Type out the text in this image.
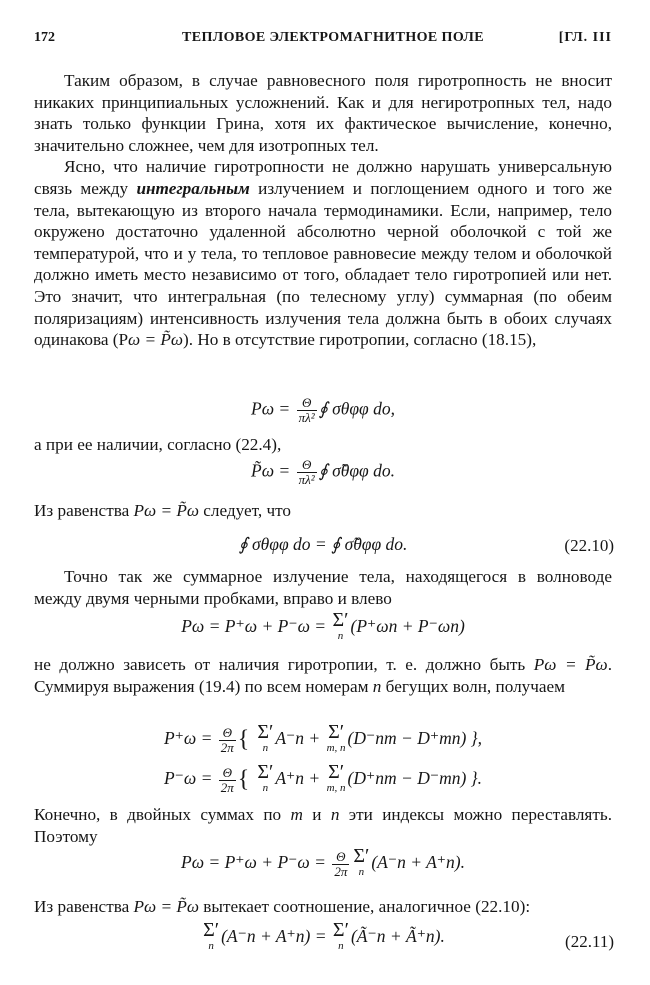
172	ТЕПЛОВОЕ ЭЛЕКТРОМАГНИТНОЕ ПОЛЕ	[ГЛ. III

Таким образом, в случае равновесного поля гиротропность не вносит никаких принципиальных усложнений. Как и для негиротропных тел, надо знать только функции Грина, хотя их фактическое вычисление, конечно, значительно сложнее, чем для изотропных тел.

Ясно, что наличие гиротропности не должно нарушать универсальную связь между интегральным излучением и поглощением одного и того же тела, вытекающую из второго начала термодинамики. Если, например, тело окружено достаточно удаленной абсолютно черной оболочкой с той же температурой, что и у тела, то тепловое равновесие между телом и оболочкой должно иметь место независимо от того, обладает тело гиротропией или нет. Это значит, что интегральная (по телесному углу) суммарная (по обеим поляризациям) интенсивность излучения тела должна быть в обоих случаях одинакова (Pω = P̃ω). Но в отсутствие гиротропии, согласно (18.15),

$P\omega = \frac{\Theta}{\text{πλ²}}$ ∮ σθφφ do,

а при ее наличии, согласно (22.4),

P̃ω = $\frac{\Theta}{\text{πλ²}}$ ∮ σ̃θφφ do.

Из равенства Pω = P̃ω следует, что

∮ σθφφ do = ∮ σ̃θφφ do.	(22.10)

Точно так же суммарное излучение тела, находящегося в волноводе между двумя черными пробками, вправо и влево

Pω = P⁺ω + P⁻ω = Σ′
n (P⁺ωn + P⁻ωn)

не должно зависеть от наличия гиротропии, т. е. должно быть Pω = P̃ω. Суммируя выражения (19.4) по всем номерам n бегущих волн, получаем

$P^+\omega = \frac{\Theta}{2\pi}$ { Σ′
n A⁻n + Σ′
m, n (D⁻nm − D⁺mn) },
$P^-\omega = \frac{\Theta}{2\pi}$ { Σ′
n A⁺n + Σ′
m, n (D⁺nm − D⁻mn) }.

Конечно, в двойных суммах по m и n эти индексы можно переставлять. Поэтому

$P\omega = P^+\omega + P^-\omega = \frac{\Theta}{2\pi} \Sigma'$
n (A⁻n + A⁺n).

Из равенства Pω = P̃ω вытекает соотношение, аналогичное (22.10):

Σ′
n (A⁻n + A⁺n) = Σ′
n (Ã⁻n + Ã⁺n).	(22.11)
